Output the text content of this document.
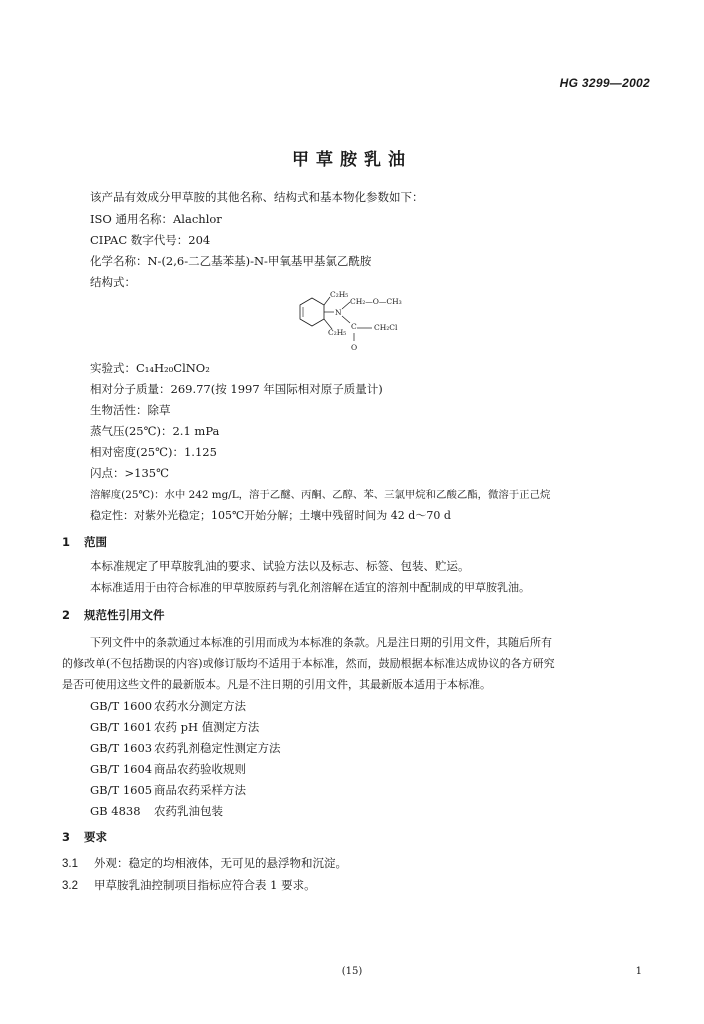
HG 3299—2002
甲草胺乳油
该产品有效成分甲草胺的其他名称、结构式和基本物化参数如下：
ISO 通用名称：Alachlor
CIPAC 数字代号：204
化学名称：N-(2,6-二乙基苯基)-N-甲氧基甲基氯乙酰胺
结构式：
C₂H₅
CH₂—O—CH₃
N
C₂H₅
C CH₂Cl
O
实验式：C₁₄H₂₀ClNO₂
相对分子质量：269.77(按 1997 年国际相对原子质量计)
生物活性：除草
蒸气压(25℃)：2.1 mPa
相对密度(25℃)：1.125
闪点：>135℃
溶解度(25℃)：水中 242 mg/L，溶于乙醚、丙酮、乙醇、苯、三氯甲烷和乙酸乙酯，微溶于正己烷
稳定性：对紫外光稳定；105℃开始分解；土壤中残留时间为 42 d～70 d
1 范围
本标准规定了甲草胺乳油的要求、试验方法以及标志、标签、包装、贮运。
本标准适用于由符合标准的甲草胺原药与乳化剂溶解在适宜的溶剂中配制成的甲草胺乳油。
2 规范性引用文件
下列文件中的条款通过本标准的引用而成为本标准的条款。凡是注日期的引用文件，其随后所有
的修改单(不包括勘误的内容)或修订版均不适用于本标准，然而，鼓励根据本标准达成协议的各方研究
是否可使用这些文件的最新版本。凡是不注日期的引用文件，其最新版本适用于本标准。
GB/T 1600 农药水分测定方法
GB/T 1601 农药 pH 值测定方法
GB/T 1603 农药乳剂稳定性测定方法
GB/T 1604 商品农药验收规则
GB/T 1605 商品农药采样方法
GB 4838 农药乳油包装
3 要求
3.1 外观：稳定的均相液体，无可见的悬浮物和沉淀。
3.2 甲草胺乳油控制项目指标应符合表 1 要求。
(15)	1
